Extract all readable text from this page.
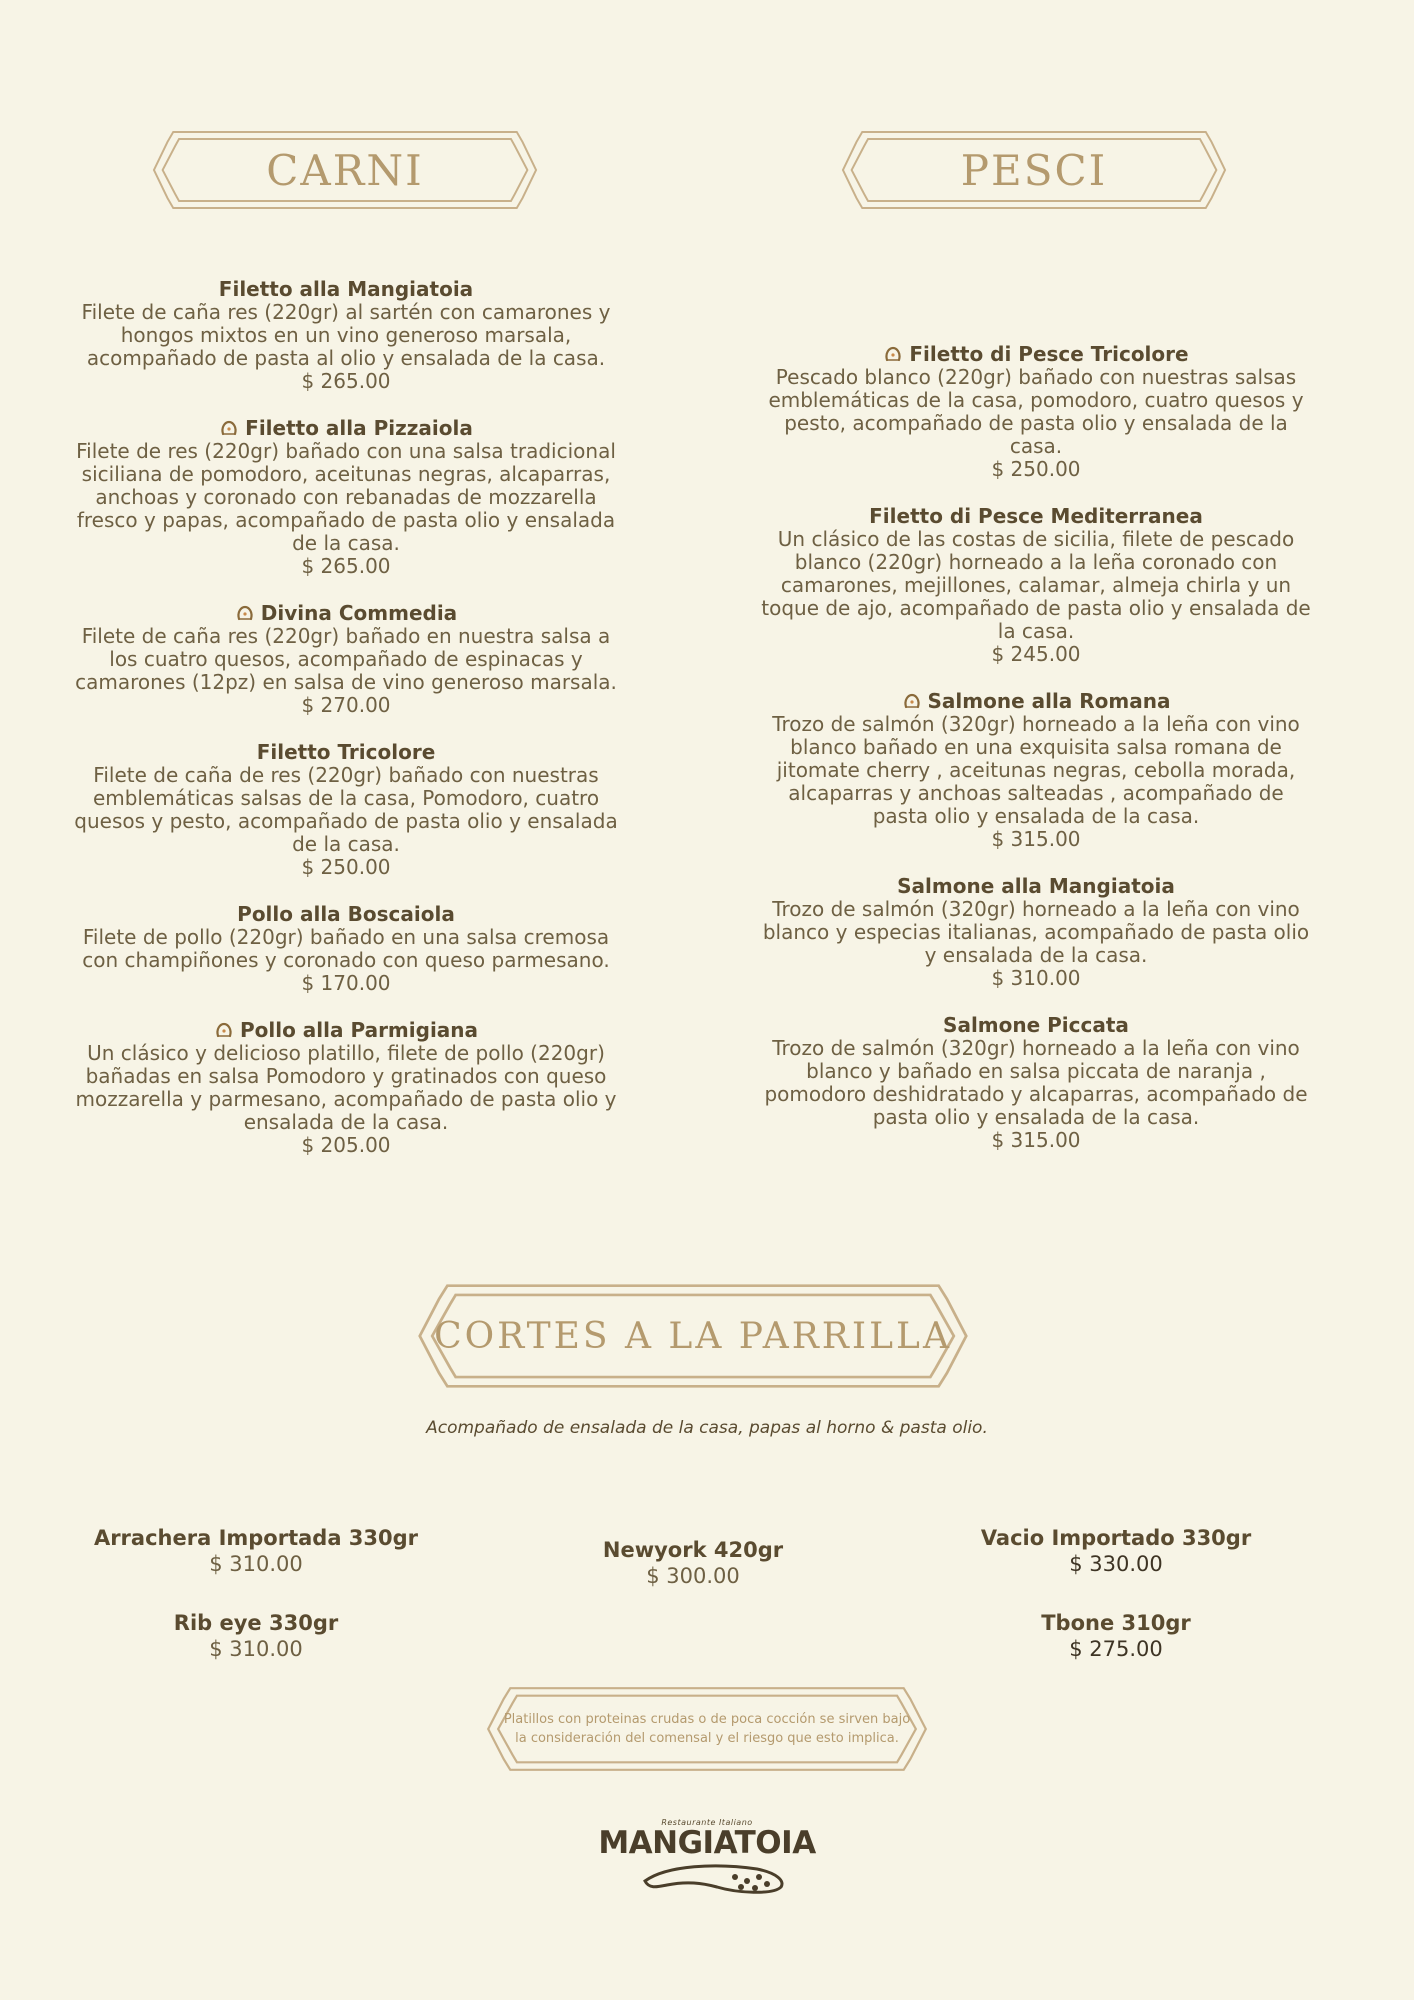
CARNI	PESCI
Filetto alla Mangiatoia
Filete de caña res (220gr) al sartén con camarones y hongos mixtos en un vino generoso marsala, acompañado de pasta al olio y ensalada de la casa.
$ 265.00
Filetto alla Pizzaiola
Filete de res (220gr) bañado con una salsa tradicional siciliana de pomodoro, aceitunas negras, alcaparras, anchoas y coronado con rebanadas de mozzarella fresco y papas, acompañado de pasta olio y ensalada de la casa.
$ 265.00
Divina Commedia
Filete de caña res (220gr) bañado en nuestra salsa a los cuatro quesos, acompañado de espinacas y camarones (12pz) en salsa de vino generoso marsala.
$ 270.00
Filetto Tricolore
Filete de caña de res (220gr) bañado con nuestras emblemáticas salsas de la casa, Pomodoro, cuatro quesos y pesto, acompañado de pasta olio y ensalada de la casa.
$ 250.00
Pollo alla Boscaiola
Filete de pollo (220gr) bañado en una salsa cremosa con champiñones y coronado con queso parmesano.
$ 170.00
Pollo alla Parmigiana
Un clásico y delicioso platillo, filete de pollo (220gr) bañadas en salsa Pomodoro y gratinados con queso mozzarella y parmesano, acompañado de pasta olio y ensalada de la casa.
$ 205.00
Filetto di Pesce Tricolore
Pescado blanco (220gr) bañado con nuestras salsas emblemáticas de la casa, pomodoro, cuatro quesos y pesto, acompañado de pasta olio y ensalada de la casa.
$ 250.00
Filetto di Pesce Mediterranea
Un clásico de las costas de sicilia, filete de pescado blanco (220gr) horneado a la leña coronado con camarones, mejillones, calamar, almeja chirla y un toque de ajo, acompañado de pasta olio y ensalada de la casa.
$ 245.00
Salmone alla Romana
Trozo de salmón (320gr) horneado a la leña con vino blanco bañado en una exquisita salsa romana de jitomate cherry , aceitunas negras, cebolla morada, alcaparras y anchoas salteadas , acompañado de pasta olio y ensalada de la casa.
$ 315.00
Salmone alla Mangiatoia
Trozo de salmón (320gr) horneado a la leña con vino blanco y especias italianas, acompañado de pasta olio y ensalada de la casa.
$ 310.00
Salmone Piccata
Trozo de salmón (320gr) horneado a la leña con vino blanco y bañado en salsa piccata de naranja , pomodoro deshidratado y alcaparras, acompañado de pasta olio y ensalada de la casa.
$ 315.00
CORTES A LA PARRILLA
Acompañado de ensalada de la casa, papas al horno & pasta olio.
Arrachera Importada 330gr
$ 310.00
Rib eye 330gr
$ 310.00
Newyork 420gr
$ 300.00
Vacio Importado 330gr
$ 330.00
Tbone 310gr
$ 275.00
Platillos con proteinas crudas o de poca cocción se sirven bajo la consideración del comensal y el riesgo que esto implica.
Restaurante Italiano
MANGIATOIA
